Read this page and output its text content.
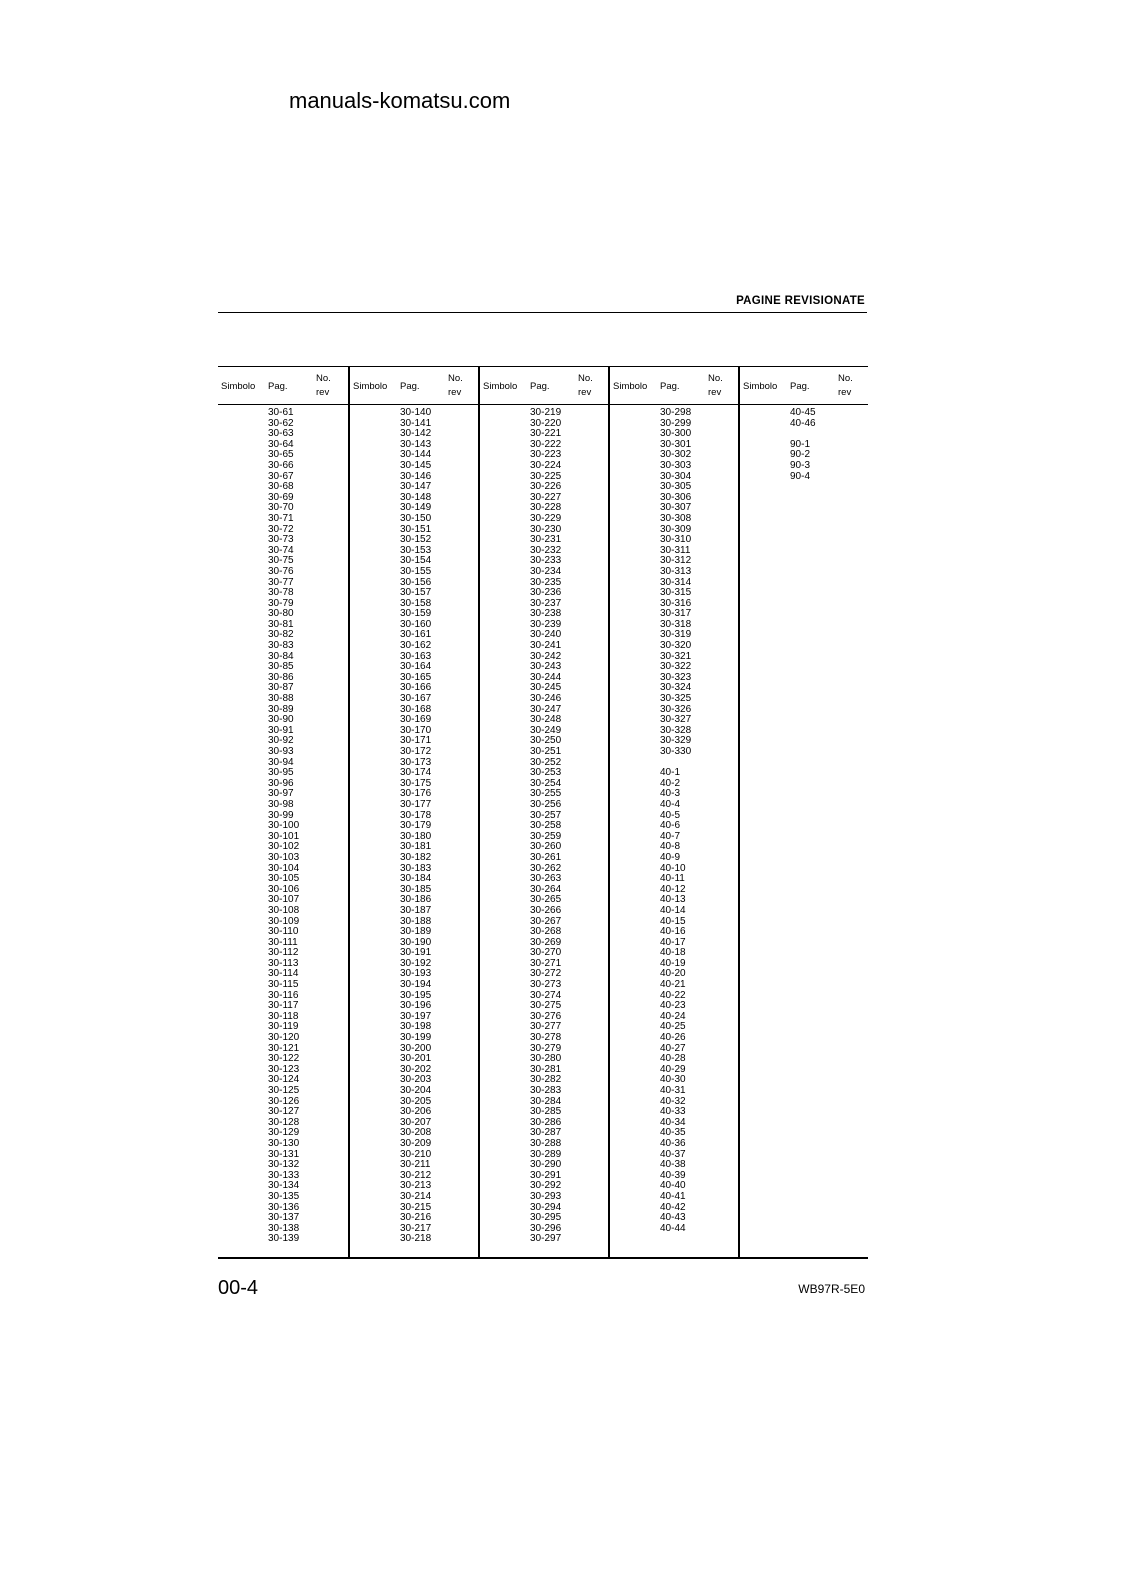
manuals-komatsu.com
PAGINE REVISIONATE
Simbolo Pag.
No.
rev
30-61
30-62
30-63
30-64
30-65
30-66
30-67
30-68
30-69
30-70
30-71
30-72
30-73
30-74
30-75
30-76
30-77
30-78
30-79
30-80
30-81
30-82
30-83
30-84
30-85
30-86
30-87
30-88
30-89
30-90
30-91
30-92
30-93
30-94
30-95
30-96
30-97
30-98
30-99
30-100
30-101
30-102
30-103
30-104
30-105
30-106
30-107
30-108
30-109
30-110
30-111
30-112
30-113
30-114
30-115
30-116
30-117
30-118
30-119
30-120
30-121
30-122
30-123
30-124
30-125
30-126
30-127
30-128
30-129
30-130
30-131
30-132
30-133
30-134
30-135
30-136
30-137
30-138
30-139
Simbolo Pag.
No.
rev
30-140
30-141
30-142
30-143
30-144
30-145
30-146
30-147
30-148
30-149
30-150
30-151
30-152
30-153
30-154
30-155
30-156
30-157
30-158
30-159
30-160
30-161
30-162
30-163
30-164
30-165
30-166
30-167
30-168
30-169
30-170
30-171
30-172
30-173
30-174
30-175
30-176
30-177
30-178
30-179
30-180
30-181
30-182
30-183
30-184
30-185
30-186
30-187
30-188
30-189
30-190
30-191
30-192
30-193
30-194
30-195
30-196
30-197
30-198
30-199
30-200
30-201
30-202
30-203
30-204
30-205
30-206
30-207
30-208
30-209
30-210
30-211
30-212
30-213
30-214
30-215
30-216
30-217
30-218
Simbolo Pag.
No.
rev
30-219
30-220
30-221
30-222
30-223
30-224
30-225
30-226
30-227
30-228
30-229
30-230
30-231
30-232
30-233
30-234
30-235
30-236
30-237
30-238
30-239
30-240
30-241
30-242
30-243
30-244
30-245
30-246
30-247
30-248
30-249
30-250
30-251
30-252
30-253
30-254
30-255
30-256
30-257
30-258
30-259
30-260
30-261
30-262
30-263
30-264
30-265
30-266
30-267
30-268
30-269
30-270
30-271
30-272
30-273
30-274
30-275
30-276
30-277
30-278
30-279
30-280
30-281
30-282
30-283
30-284
30-285
30-286
30-287
30-288
30-289
30-290
30-291
30-292
30-293
30-294
30-295
30-296
30-297
Simbolo Pag.
No.
rev
30-298
30-299
30-300
30-301
30-302
30-303
30-304
30-305
30-306
30-307
30-308
30-309
30-310
30-311
30-312
30-313
30-314
30-315
30-316
30-317
30-318
30-319
30-320
30-321
30-322
30-323
30-324
30-325
30-326
30-327
30-328
30-329
30-330
40-1
40-2
40-3
40-4
40-5
40-6
40-7
40-8
40-9
40-10
40-11
40-12
40-13
40-14
40-15
40-16
40-17
40-18
40-19
40-20
40-21
40-22
40-23
40-24
40-25
40-26
40-27
40-28
40-29
40-30
40-31
40-32
40-33
40-34
40-35
40-36
40-37
40-38
40-39
40-40
40-41
40-42
40-43
40-44
Simbolo Pag.
No.
rev
40-45
40-46
90-1
90-2
90-3
90-4
00-4	WB97R-5E0
